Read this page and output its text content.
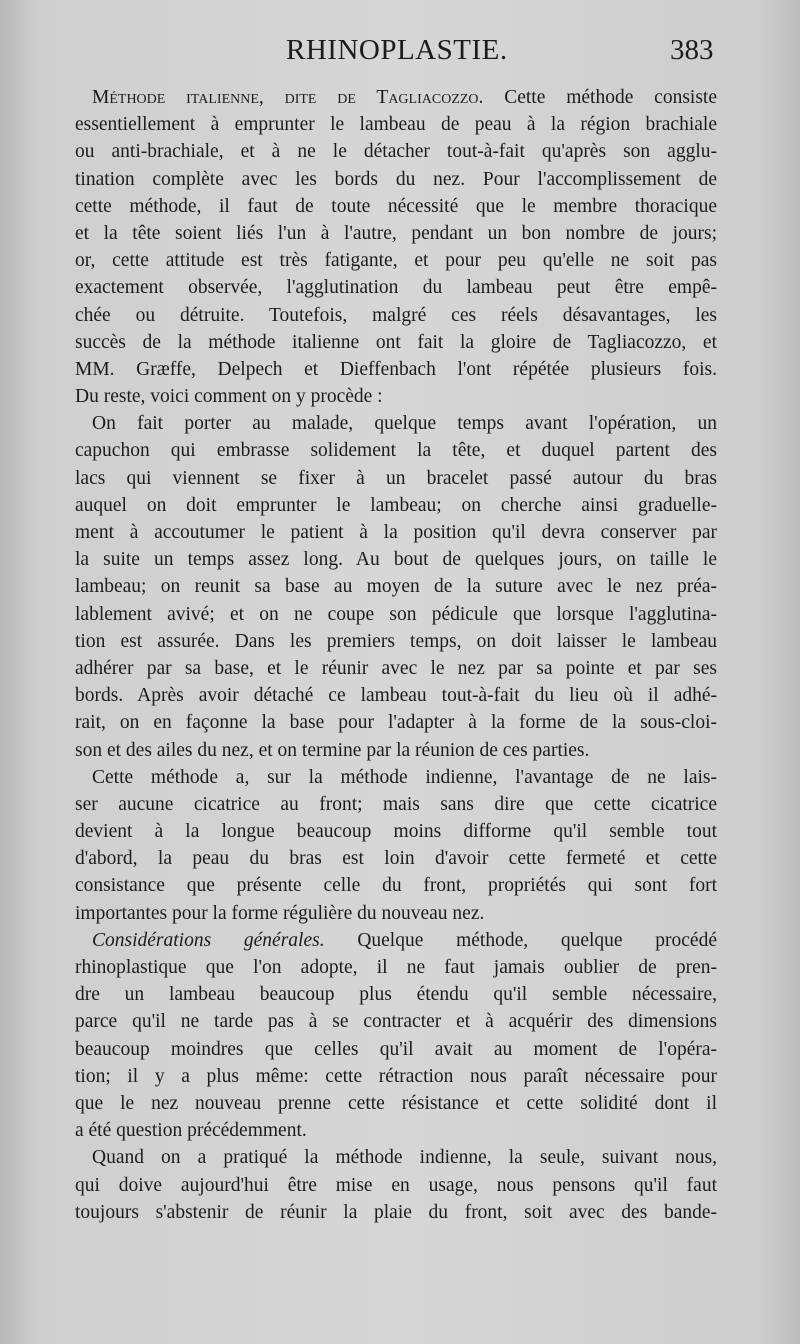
RHINOPLASTIE.	383

Méthode italienne, dite de Tagliacozzo. Cette méthode consiste
essentiellement à emprunter le lambeau de peau à la région brachiale
ou anti-brachiale, et à ne le détacher tout-à-fait qu'après son agglu-
tination complète avec les bords du nez. Pour l'accomplissement de
cette méthode, il faut de toute nécessité que le membre thoracique
et la tête soient liés l'un à l'autre, pendant un bon nombre de jours;
or, cette attitude est très fatigante, et pour peu qu'elle ne soit pas
exactement observée, l'agglutination du lambeau peut être empê-
chée ou détruite. Toutefois, malgré ces réels désavantages, les
succès de la méthode italienne ont fait la gloire de Tagliacozzo, et
MM. Græffe, Delpech et Dieffenbach l'ont répétée plusieurs fois.
Du reste, voici comment on y procède :

On fait porter au malade, quelque temps avant l'opération, un
capuchon qui embrasse solidement la tête, et duquel partent des
lacs qui viennent se fixer à un bracelet passé autour du bras
auquel on doit emprunter le lambeau; on cherche ainsi graduelle-
ment à accoutumer le patient à la position qu'il devra conserver par
la suite un temps assez long. Au bout de quelques jours, on taille le
lambeau; on reunit sa base au moyen de la suture avec le nez préa-
lablement avivé; et on ne coupe son pédicule que lorsque l'agglutina-
tion est assurée. Dans les premiers temps, on doit laisser le lambeau
adhérer par sa base, et le réunir avec le nez par sa pointe et par ses
bords. Après avoir détaché ce lambeau tout-à-fait du lieu où il adhé-
rait, on en façonne la base pour l'adapter à la forme de la sous-cloi-
son et des ailes du nez, et on termine par la réunion de ces parties.

Cette méthode a, sur la méthode indienne, l'avantage de ne lais-
ser aucune cicatrice au front; mais sans dire que cette cicatrice
devient à la longue beaucoup moins difforme qu'il semble tout
d'abord, la peau du bras est loin d'avoir cette fermeté et cette
consistance que présente celle du front, propriétés qui sont fort
importantes pour la forme régulière du nouveau nez.

Considérations générales. Quelque méthode, quelque procédé
rhinoplastique que l'on adopte, il ne faut jamais oublier de pren-
dre un lambeau beaucoup plus étendu qu'il semble nécessaire,
parce qu'il ne tarde pas à se contracter et à acquérir des dimensions
beaucoup moindres que celles qu'il avait au moment de l'opéra-
tion; il y a plus même: cette rétraction nous paraît nécessaire pour
que le nez nouveau prenne cette résistance et cette solidité dont il
a été question précédemment.

Quand on a pratiqué la méthode indienne, la seule, suivant nous,
qui doive aujourd'hui être mise en usage, nous pensons qu'il faut
toujours s'abstenir de réunir la plaie du front, soit avec des bande-
